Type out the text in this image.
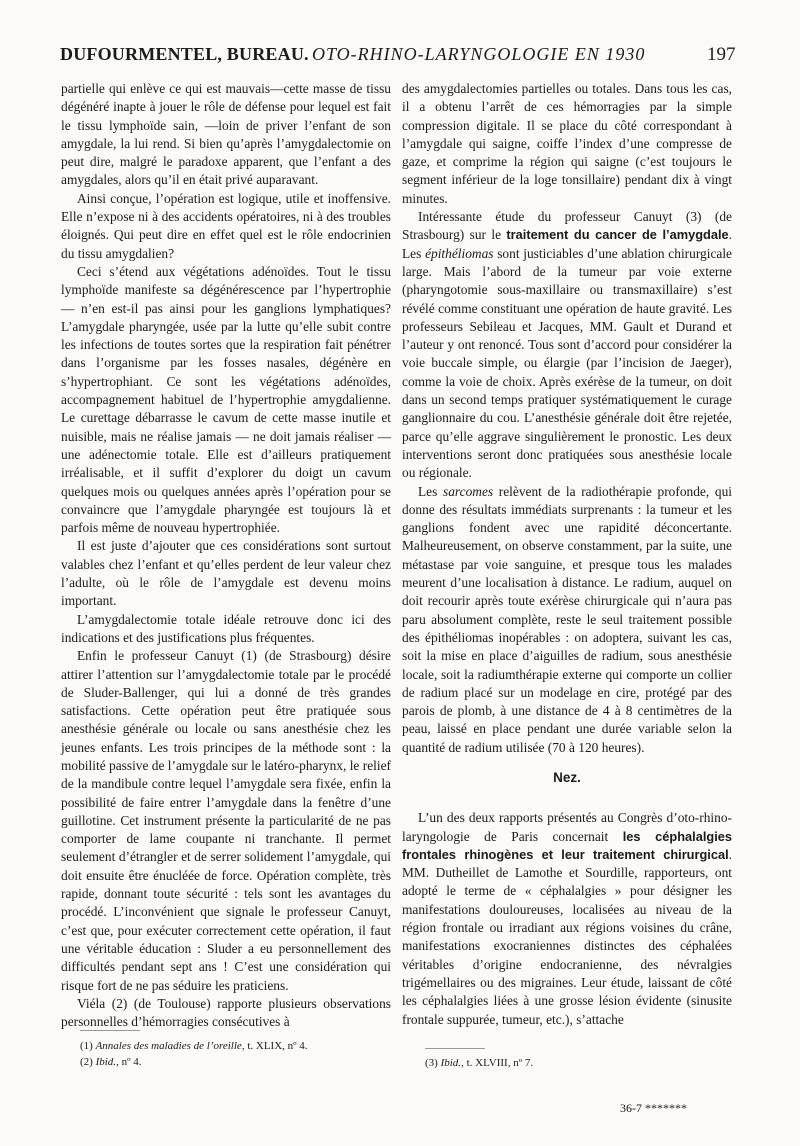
DUFOURMENTEL, BUREAU. OTO-RHINO-LARYNGOLOGIE EN 1930	197

partielle qui enlève ce qui est mauvais—cette masse de tissu dégénéré inapte à jouer le rôle de défense pour lequel est fait le tissu lymphoïde sain, —loin de priver l’enfant de son amygdale, la lui rend. Si bien qu’après l’amygdalectomie on peut dire, malgré le paradoxe apparent, que l’enfant a des amygdales, alors qu’il en était privé auparavant.

Ainsi conçue, l’opération est logique, utile et inoffensive. Elle n’expose ni à des accidents opératoires, ni à des troubles éloignés. Qui peut dire en effet quel est le rôle endocrinien du tissu amygdalien?

Ceci s’étend aux végétations adénoïdes. Tout le tissu lymphoïde manifeste sa dégénérescence par l’hypertrophie — n’en est-il pas ainsi pour les ganglions lymphatiques? L’amygdale pharyngée, usée par la lutte qu’elle subit contre les infections de toutes sortes que la respiration fait pénétrer dans l’organisme par les fosses nasales, dégénère en s’hypertrophiant. Ce sont les végétations adénoïdes, accompagnement habituel de l’hypertrophie amygdalienne. Le curettage débarrasse le cavum de cette masse inutile et nuisible, mais ne réalise jamais — ne doit jamais réaliser — une adénectomie totale. Elle est d’ailleurs pratiquement irréalisable, et il suffit d’explorer du doigt un cavum quelques mois ou quelques années après l’opération pour se convaincre que l’amygdale pharyngée est toujours là et parfois même de nouveau hypertrophiée.

Il est juste d’ajouter que ces considérations sont surtout valables chez l’enfant et qu’elles perdent de leur valeur chez l’adulte, où le rôle de l’amygdale est devenu moins important.

L’amygdalectomie totale idéale retrouve donc ici des indications et des justifications plus fréquentes.

Enfin le professeur Canuyt (1) (de Strasbourg) désire attirer l’attention sur l’amygdalectomie totale par le procédé de Sluder-Ballenger, qui lui a donné de très grandes satisfactions. Cette opération peut être pratiquée sous anesthésie générale ou locale ou sans anesthésie chez les jeunes enfants. Les trois principes de la méthode sont : la mobilité passive de l’amygdale sur le latéro-pharynx, le relief de la mandibule contre lequel l’amygdale sera fixée, enfin la possibilité de faire entrer l’amygdale dans la fenêtre d’une guillotine. Cet instrument présente la particularité de ne pas comporter de lame coupante ni tranchante. Il permet seulement d’étrangler et de serrer solidement l’amygdale, qui doit ensuite être énucléée de force. Opération complète, très rapide, donnant toute sécurité : tels sont les avantages du procédé. L’inconvénient que signale le professeur Canuyt, c’est que, pour exécuter correctement cette opération, il faut une véritable éducation : Sluder a eu personnellement des difficultés pendant sept ans ! C’est une considération qui risque fort de ne pas séduire les praticiens.

Viéla (2) (de Toulouse) rapporte plusieurs observations personnelles d’hémorragies consécutives à

des amygdalectomies partielles ou totales. Dans tous les cas, il a obtenu l’arrêt de ces hémorragies par la simple compression digitale. Il se place du côté correspondant à l’amygdale qui saigne, coiffe l’index d’une compresse de gaze, et comprime la région qui saigne (c’est toujours le segment inférieur de la loge tonsillaire) pendant dix à vingt minutes.

Intéressante étude du professeur Canuyt (3) (de Strasbourg) sur le traitement du cancer de l’amygdale. Les épithéliomas sont justiciables d’une ablation chirurgicale large. Mais l’abord de la tumeur par voie externe (pharyngotomie sous-maxillaire ou transmaxillaire) s’est révélé comme constituant une opération de haute gravité. Les professeurs Sebileau et Jacques, MM. Gault et Durand et l’auteur y ont renoncé. Tous sont d’accord pour considérer la voie buccale simple, ou élargie (par l’incision de Jaeger), comme la voie de choix. Après exérèse de la tumeur, on doit dans un second temps pratiquer systématiquement le curage ganglionnaire du cou. L’anesthésie générale doit être rejetée, parce qu’elle aggrave singulièrement le pronostic. Les deux interventions seront donc pratiquées sous anesthésie locale ou régionale.

Les sarcomes relèvent de la radiothérapie profonde, qui donne des résultats immédiats surprenants : la tumeur et les ganglions fondent avec une rapidité déconcertante. Malheureusement, on observe constamment, par la suite, une métastase par voie sanguine, et presque tous les malades meurent d’une localisation à distance. Le radium, auquel on doit recourir après toute exérèse chirurgicale qui n’aura pas paru absolument complète, reste le seul traitement possible des épithéliomas inopérables : on adoptera, suivant les cas, soit la mise en place d’aiguilles de radium, sous anesthésie locale, soit la radiumthérapie externe qui comporte un collier de radium placé sur un modelage en cire, protégé par des parois de plomb, à une distance de 4 à 8 centimètres de la peau, laissé en place pendant une durée variable selon la quantité de radium utilisée (70 à 120 heures).

Nez.

L’un des deux rapports présentés au Congrès d’oto-rhino-laryngologie de Paris concernait les céphalalgies frontales rhinogènes et leur traitement chirurgical. MM. Dutheillet de Lamothe et Sourdille, rapporteurs, ont adopté le terme de « céphalalgies » pour désigner les manifestations douloureuses, localisées au niveau de la région frontale ou irradiant aux régions voisines du crâne, manifestations exocraniennes distinctes des céphalées véritables d’origine endocranienne, des névralgies trigémellaires ou des migraines. Leur étude, laissant de côté les céphalalgies liées à une grosse lésion évidente (sinusite frontale suppurée, tumeur, etc.), s’attache

(1) Annales des maladies de l’oreille, t. XLIX, nº 4.
(2) Ibid., nº 4.	(3) Ibid., t. XLVIII, nº 7.
36-7 *******
